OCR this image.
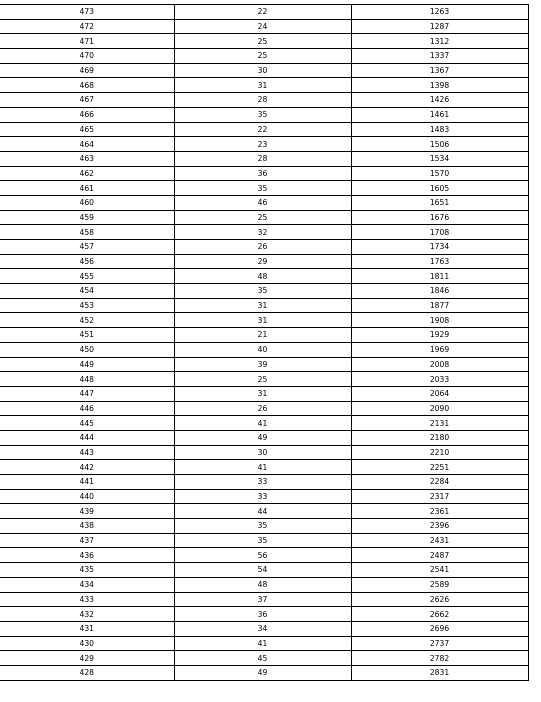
473	22	1263
472	24	1287
471	25	1312
470	25	1337
469	30	1367
468	31	1398
467	28	1426
466	35	1461
465	22	1483
464	23	1506
463	28	1534
462	36	1570
461	35	1605
460	46	1651
459	25	1676
458	32	1708
457	26	1734
456	29	1763
455	48	1811
454	35	1846
453	31	1877
452	31	1908
451	21	1929
450	40	1969
449	39	2008
448	25	2033
447	31	2064
446	26	2090
445	41	2131
444	49	2180
443	30	2210
442	41	2251
441	33	2284
440	33	2317
439	44	2361
438	35	2396
437	35	2431
436	56	2487
435	54	2541
434	48	2589
433	37	2626
432	36	2662
431	34	2696
430	41	2737
429	45	2782
428	49	2831
